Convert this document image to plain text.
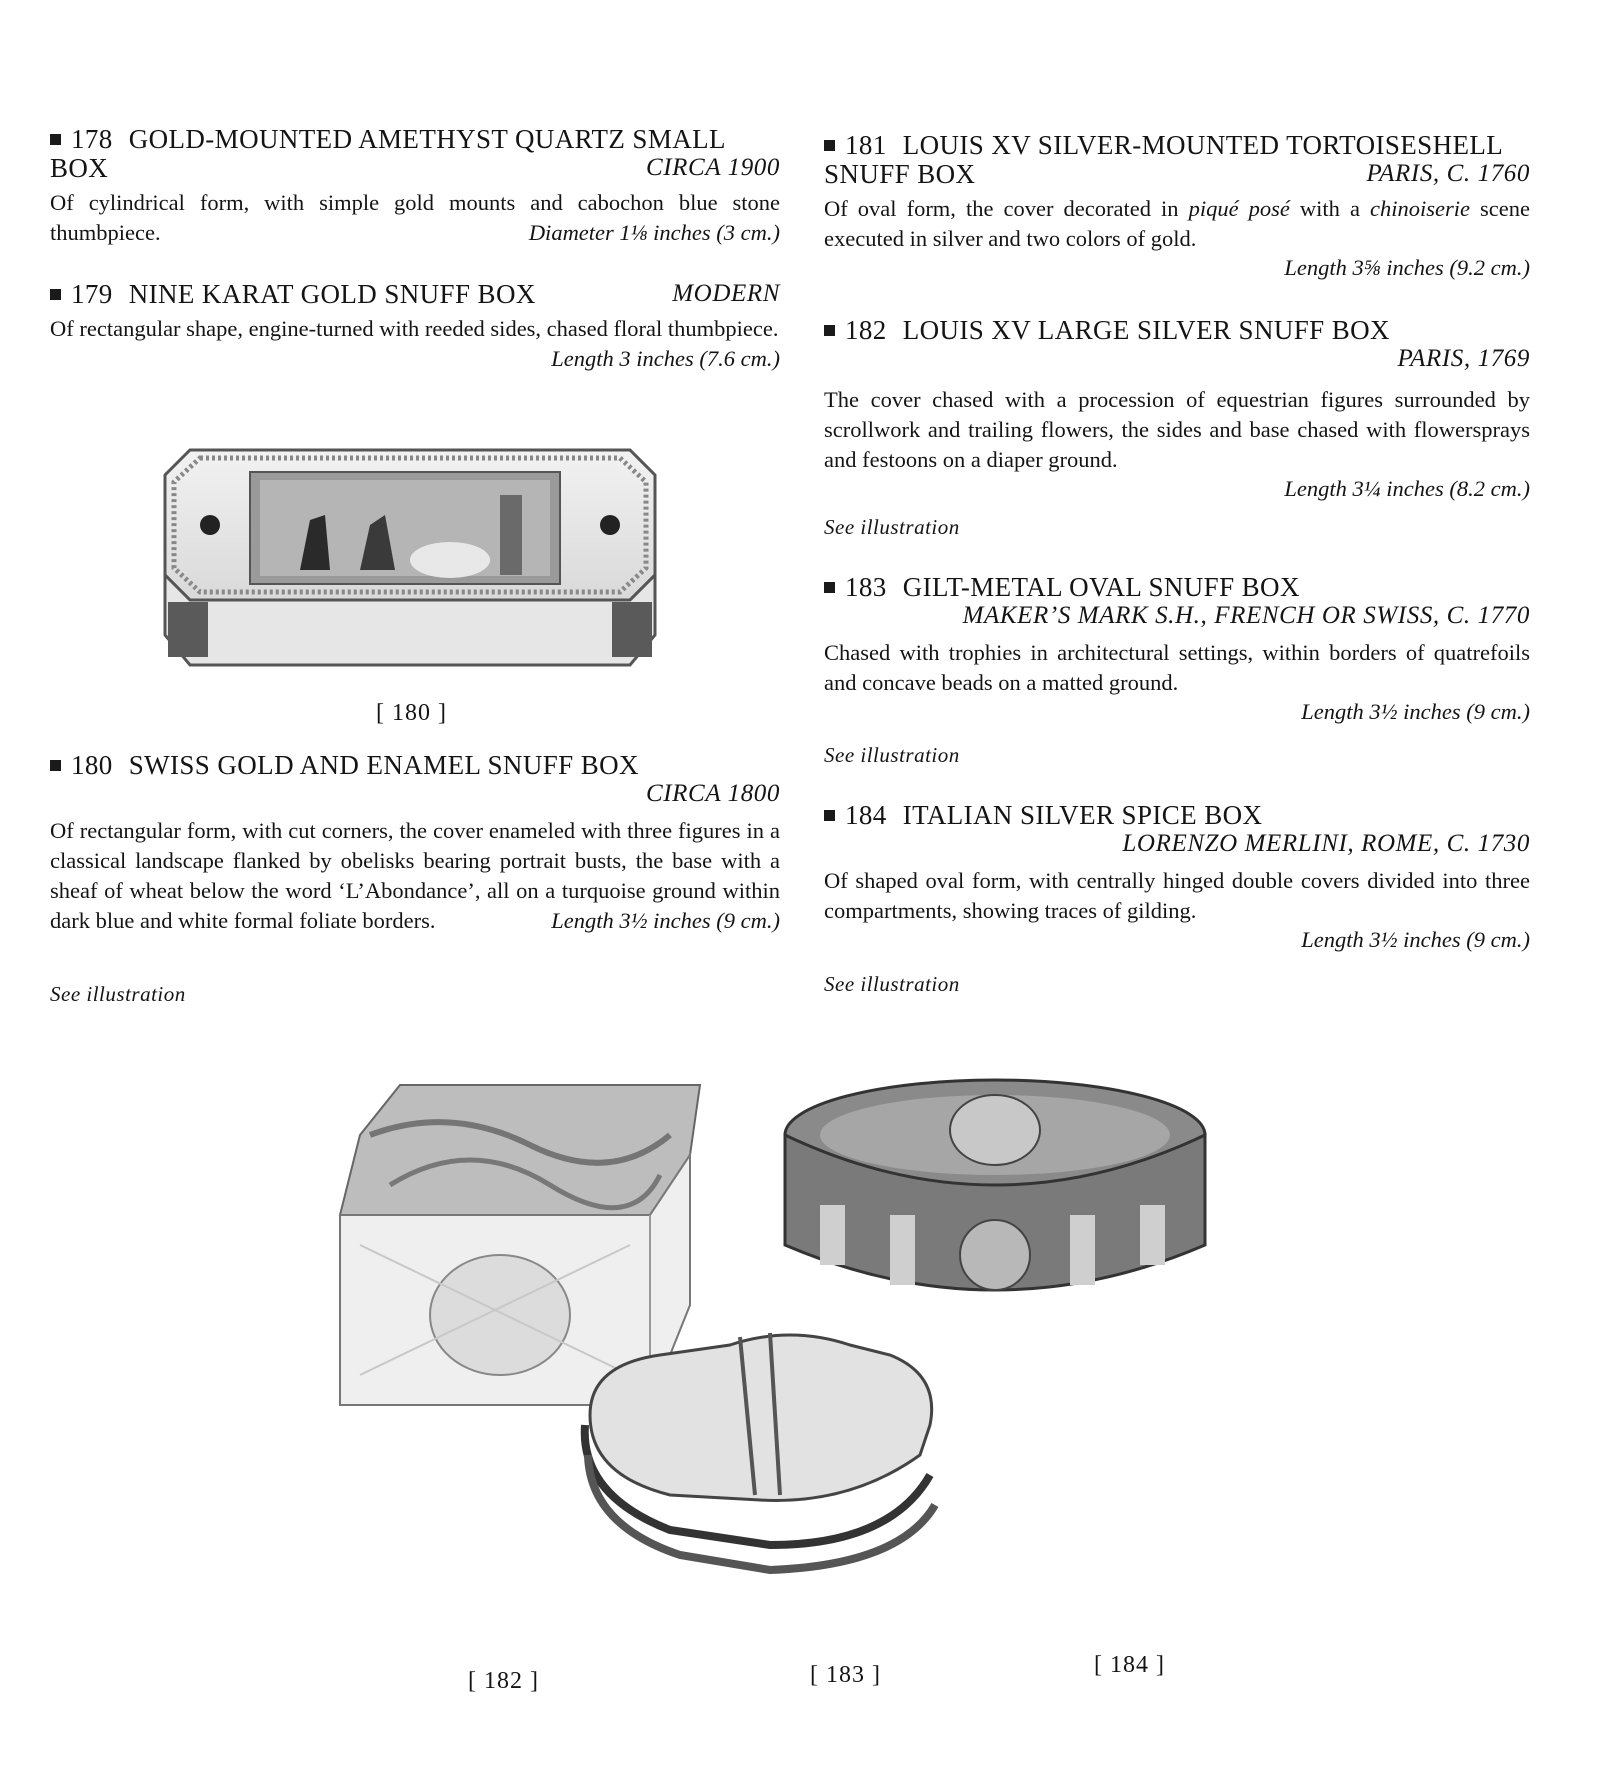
178 GOLD-MOUNTED AMETHYST QUARTZ SMALL
BOX	CIRCA 1900
Of cylindrical form, with simple gold mounts and cabochon blue stone thumbpiece.	Diameter 1⅛ inches (3 cm.)
179 NINE KARAT GOLD SNUFF BOX	MODERN
Of rectangular shape, engine-turned with reeded sides, chased floral thumbpiece.
Length 3 inches (7.6 cm.)
[ 180 ]
180 SWISS GOLD AND ENAMEL SNUFF BOX
CIRCA 1800
Of rectangular form, with cut corners, the cover enameled with three figures in a classical landscape flanked by obelisks bearing portrait busts, the base with a sheaf of wheat below the word ‘L’Abondance’, all on a turquoise ground within dark blue and white formal foliate borders.	Length 3½ inches (9 cm.)
See illustration
181 LOUIS XV SILVER-MOUNTED TORTOISESHELL
SNUFF BOX	PARIS, C. 1760
Of oval form, the cover decorated in piqué posé with a chinoiserie scene executed in silver and two colors of gold.
Length 3⅝ inches (9.2 cm.)
182 LOUIS XV LARGE SILVER SNUFF BOX
PARIS, 1769
The cover chased with a procession of equestrian figures surrounded by scrollwork and trailing flowers, the sides and base chased with flowersprays and festoons on a diaper ground.
Length 3¼ inches (8.2 cm.)
See illustration
183 GILT-METAL OVAL SNUFF BOX
MAKER’S MARK S.H., FRENCH OR SWISS, C. 1770
Chased with trophies in architectural settings, within borders of quatrefoils and concave beads on a matted ground.
Length 3½ inches (9 cm.)
See illustration
184 ITALIAN SILVER SPICE BOX
LORENZO MERLINI, ROME, C. 1730
Of shaped oval form, with centrally hinged double covers divided into three compartments, showing traces of gilding.
Length 3½ inches (9 cm.)
See illustration
[ 182 ]	[ 183 ]	[ 184 ]
